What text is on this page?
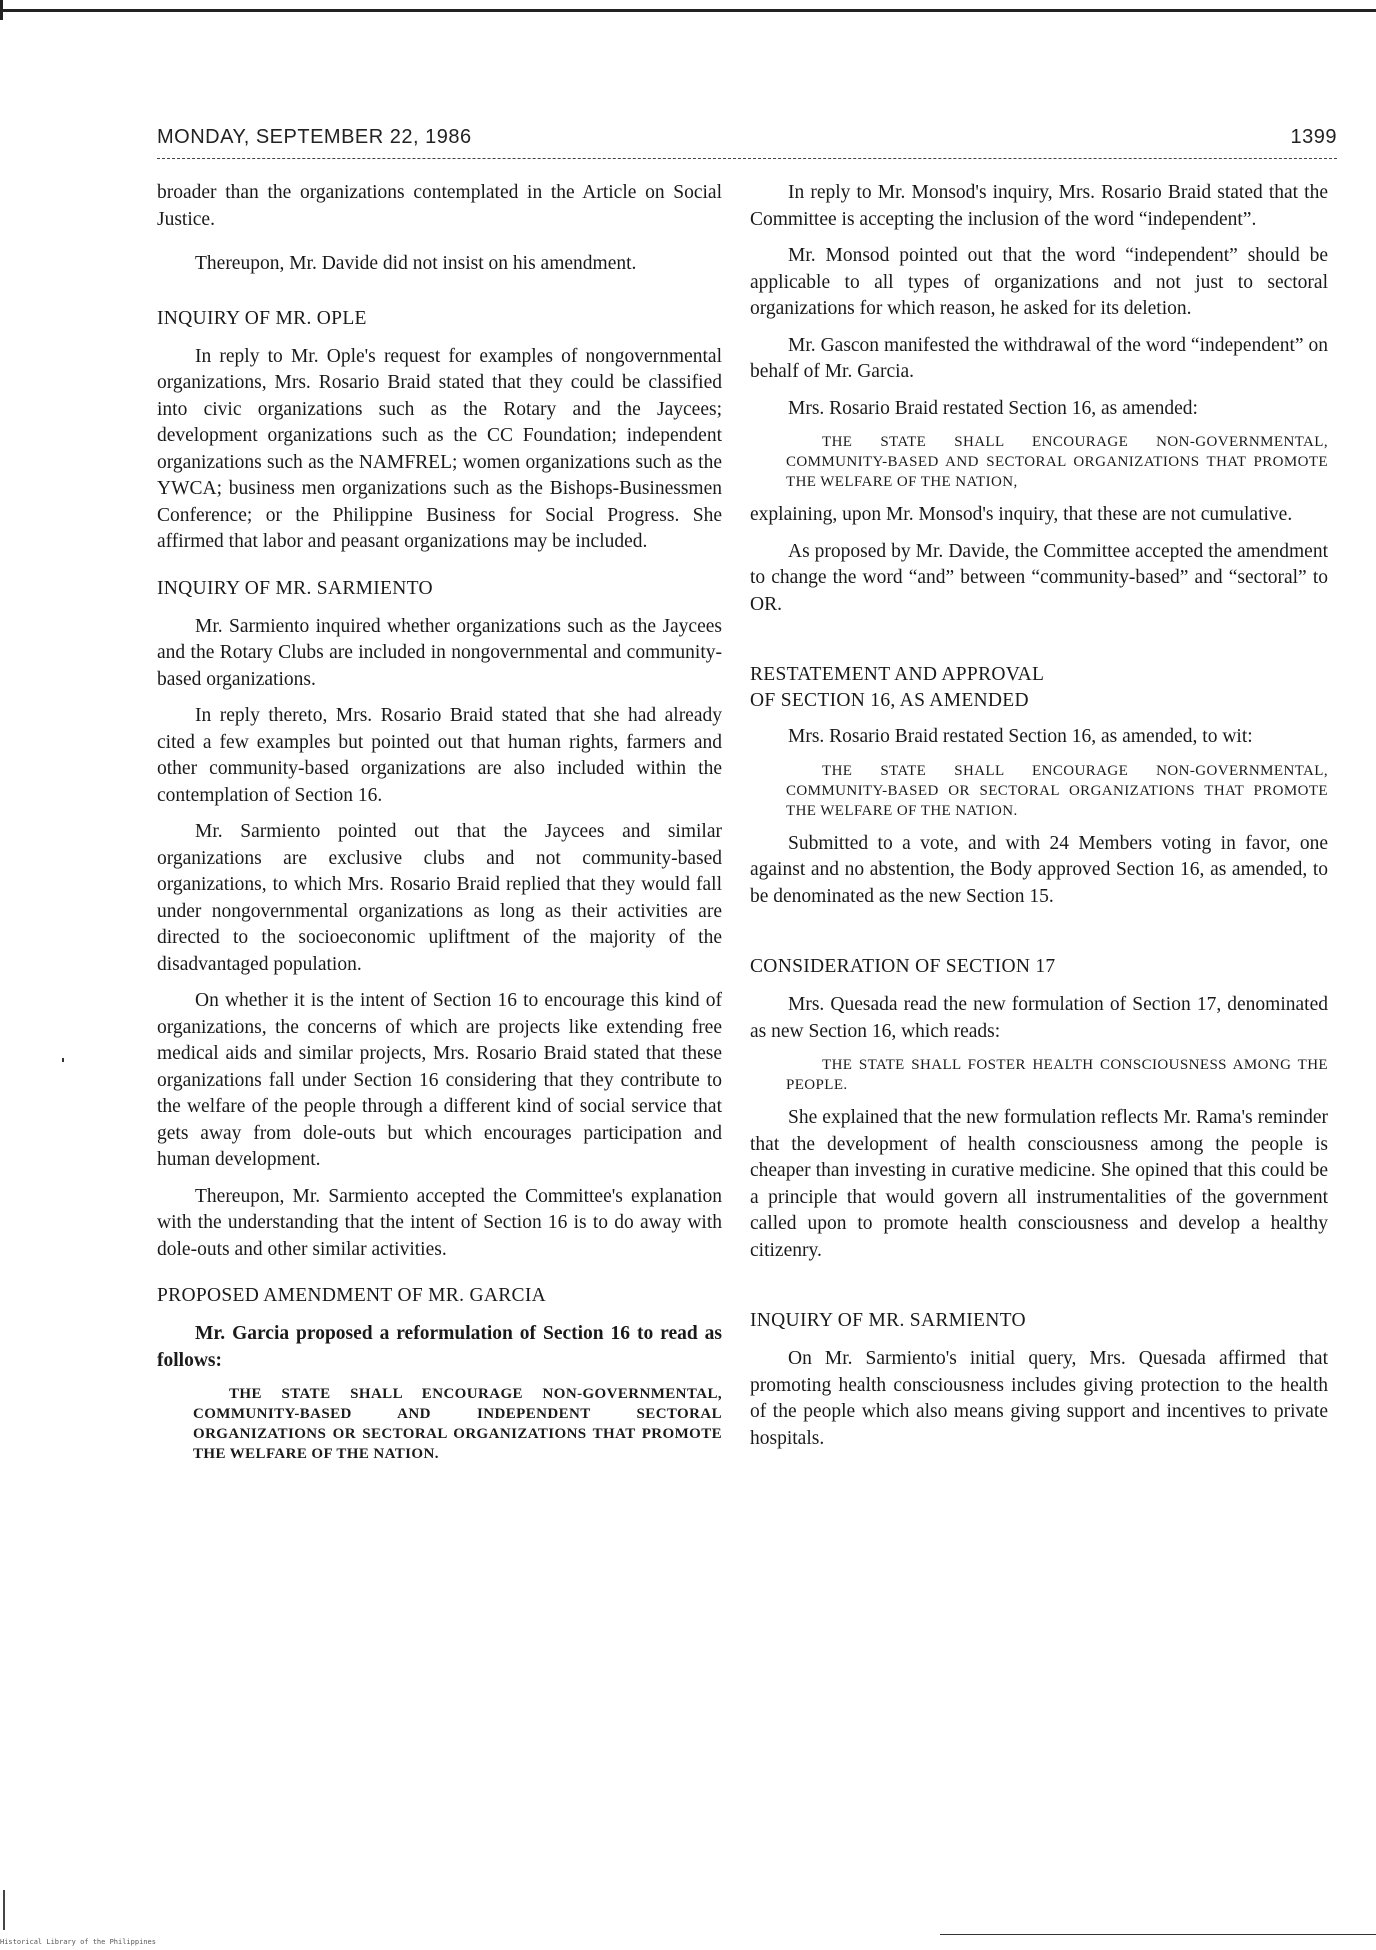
MONDAY, SEPTEMBER 22, 1986	1399

broader than the organizations contemplated in the Article on Social Justice.

Thereupon, Mr. Davide did not insist on his amendment.

INQUIRY OF MR. OPLE

In reply to Mr. Ople's request for examples of nongovernmental organizations, Mrs. Rosario Braid stated that they could be classified into civic organizations such as the Rotary and the Jaycees; development organizations such as the CC Foundation; independent organizations such as the NAMFREL; women organizations such as the YWCA; business men organizations such as the Bishops-Businessmen Conference; or the Philippine Business for Social Progress. She affirmed that labor and peasant organizations may be included.

INQUIRY OF MR. SARMIENTO

Mr. Sarmiento inquired whether organizations such as the Jaycees and the Rotary Clubs are included in nongovernmental and community-based organizations.

In reply thereto, Mrs. Rosario Braid stated that she had already cited a few examples but pointed out that human rights, farmers and other community-based organizations are also included within the contemplation of Section 16.

Mr. Sarmiento pointed out that the Jaycees and similar organizations are exclusive clubs and not community-based organizations, to which Mrs. Rosario Braid replied that they would fall under nongovernmental organizations as long as their activities are directed to the socioeconomic upliftment of the majority of the disadvantaged population.

On whether it is the intent of Section 16 to encourage this kind of organizations, the concerns of which are projects like extending free medical aids and similar projects, Mrs. Rosario Braid stated that these organizations fall under Section 16 considering that they contribute to the welfare of the people through a different kind of social service that gets away from dole-outs but which encourages participation and human development.

Thereupon, Mr. Sarmiento accepted the Committee's explanation with the understanding that the intent of Section 16 is to do away with dole-outs and other similar activities.

PROPOSED AMENDMENT OF MR. GARCIA

Mr. Garcia proposed a reformulation of Section 16 to read as follows:

THE STATE SHALL ENCOURAGE NON-GOVERNMENTAL, COMMUNITY-BASED AND INDEPENDENT SECTORAL ORGANIZATIONS OR SECTORAL ORGANIZATIONS THAT PROMOTE THE WELFARE OF THE NATION.

In reply to Mr. Monsod's inquiry, Mrs. Rosario Braid stated that the Committee is accepting the inclusion of the word “independent”.

Mr. Monsod pointed out that the word “independent” should be applicable to all types of organizations and not just to sectoral organizations for which reason, he asked for its deletion.

Mr. Gascon manifested the withdrawal of the word “independent” on behalf of Mr. Garcia.

Mrs. Rosario Braid restated Section 16, as amended:

THE STATE SHALL ENCOURAGE NON-GOVERNMENTAL, COMMUNITY-BASED AND SECTORAL ORGANIZATIONS THAT PROMOTE THE WELFARE OF THE NATION,

explaining, upon Mr. Monsod's inquiry, that these are not cumulative.

As proposed by Mr. Davide, the Committee accepted the amendment to change the word “and” between “community-based” and “sectoral” to OR.

RESTATEMENT AND APPROVAL
OF SECTION 16, AS AMENDED

Mrs. Rosario Braid restated Section 16, as amended, to wit:

THE STATE SHALL ENCOURAGE NON-GOVERNMENTAL, COMMUNITY-BASED OR SECTORAL ORGANIZATIONS THAT PROMOTE THE WELFARE OF THE NATION.

Submitted to a vote, and with 24 Members voting in favor, one against and no abstention, the Body approved Section 16, as amended, to be denominated as the new Section 15.

CONSIDERATION OF SECTION 17

Mrs. Quesada read the new formulation of Section 17, denominated as new Section 16, which reads:

THE STATE SHALL FOSTER HEALTH CONSCIOUSNESS AMONG THE PEOPLE.

She explained that the new formulation reflects Mr. Rama's reminder that the development of health consciousness among the people is cheaper than investing in curative medicine. She opined that this could be a principle that would govern all instrumentalities of the government called upon to promote health consciousness and develop a healthy citizenry.

INQUIRY OF MR. SARMIENTO

On Mr. Sarmiento's initial query, Mrs. Quesada affirmed that promoting health consciousness includes giving protection to the health of the people which also means giving support and incentives to private hospitals.

Historical Library of the Philippines
